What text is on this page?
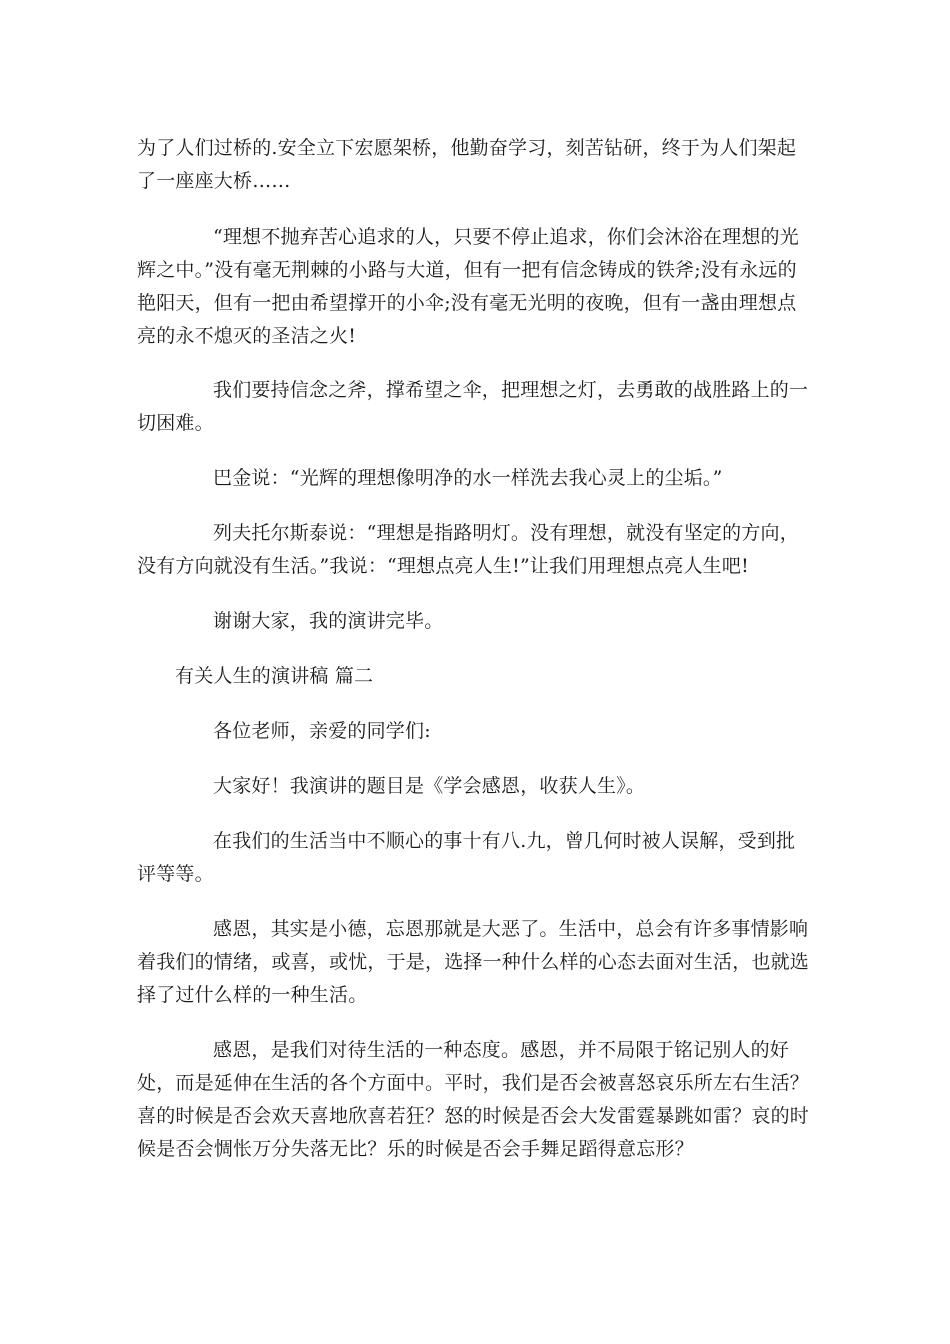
为了人们过桥的.安全立下宏愿架桥，他勤奋学习，刻苦钻研，终于为人们架起了一座座大桥……

“理想不抛弃苦心追求的人，只要不停止追求，你们会沐浴在理想的光辉之中。”没有毫无荆棘的小路与大道，但有一把有信念铸成的铁斧;没有永远的艳阳天，但有一把由希望撑开的小伞;没有毫无光明的夜晚，但有一盏由理想点亮的永不熄灭的圣洁之火!

我们要持信念之斧，撑希望之伞，把理想之灯，去勇敢的战胜路上的一切困难。

巴金说：“光辉的理想像明净的水一样洗去我心灵上的尘垢。”

列夫托尔斯泰说：“理想是指路明灯。没有理想，就没有坚定的方向，没有方向就没有生活。”我说：“理想点亮人生!”让我们用理想点亮人生吧!

谢谢大家，我的演讲完毕。

有关人生的演讲稿 篇二

各位老师，亲爱的同学们:

大家好！我演讲的题目是《学会感恩，收获人生》。

在我们的生活当中不顺心的事十有八.九，曾几何时被人误解，受到批评等等。

感恩，其实是小德，忘恩那就是大恶了。生活中，总会有许多事情影响着我们的情绪，或喜，或忧，于是，选择一种什么样的心态去面对生活，也就选择了过什么样的一种生活。

感恩，是我们对待生活的一种态度。感恩，并不局限于铭记别人的好处，而是延伸在生活的各个方面中。平时，我们是否会被喜怒哀乐所左右生活？喜的时候是否会欢天喜地欣喜若狂？怒的时候是否会大发雷霆暴跳如雷？哀的时候是否会惆怅万分失落无比？乐的时候是否会手舞足蹈得意忘形？
